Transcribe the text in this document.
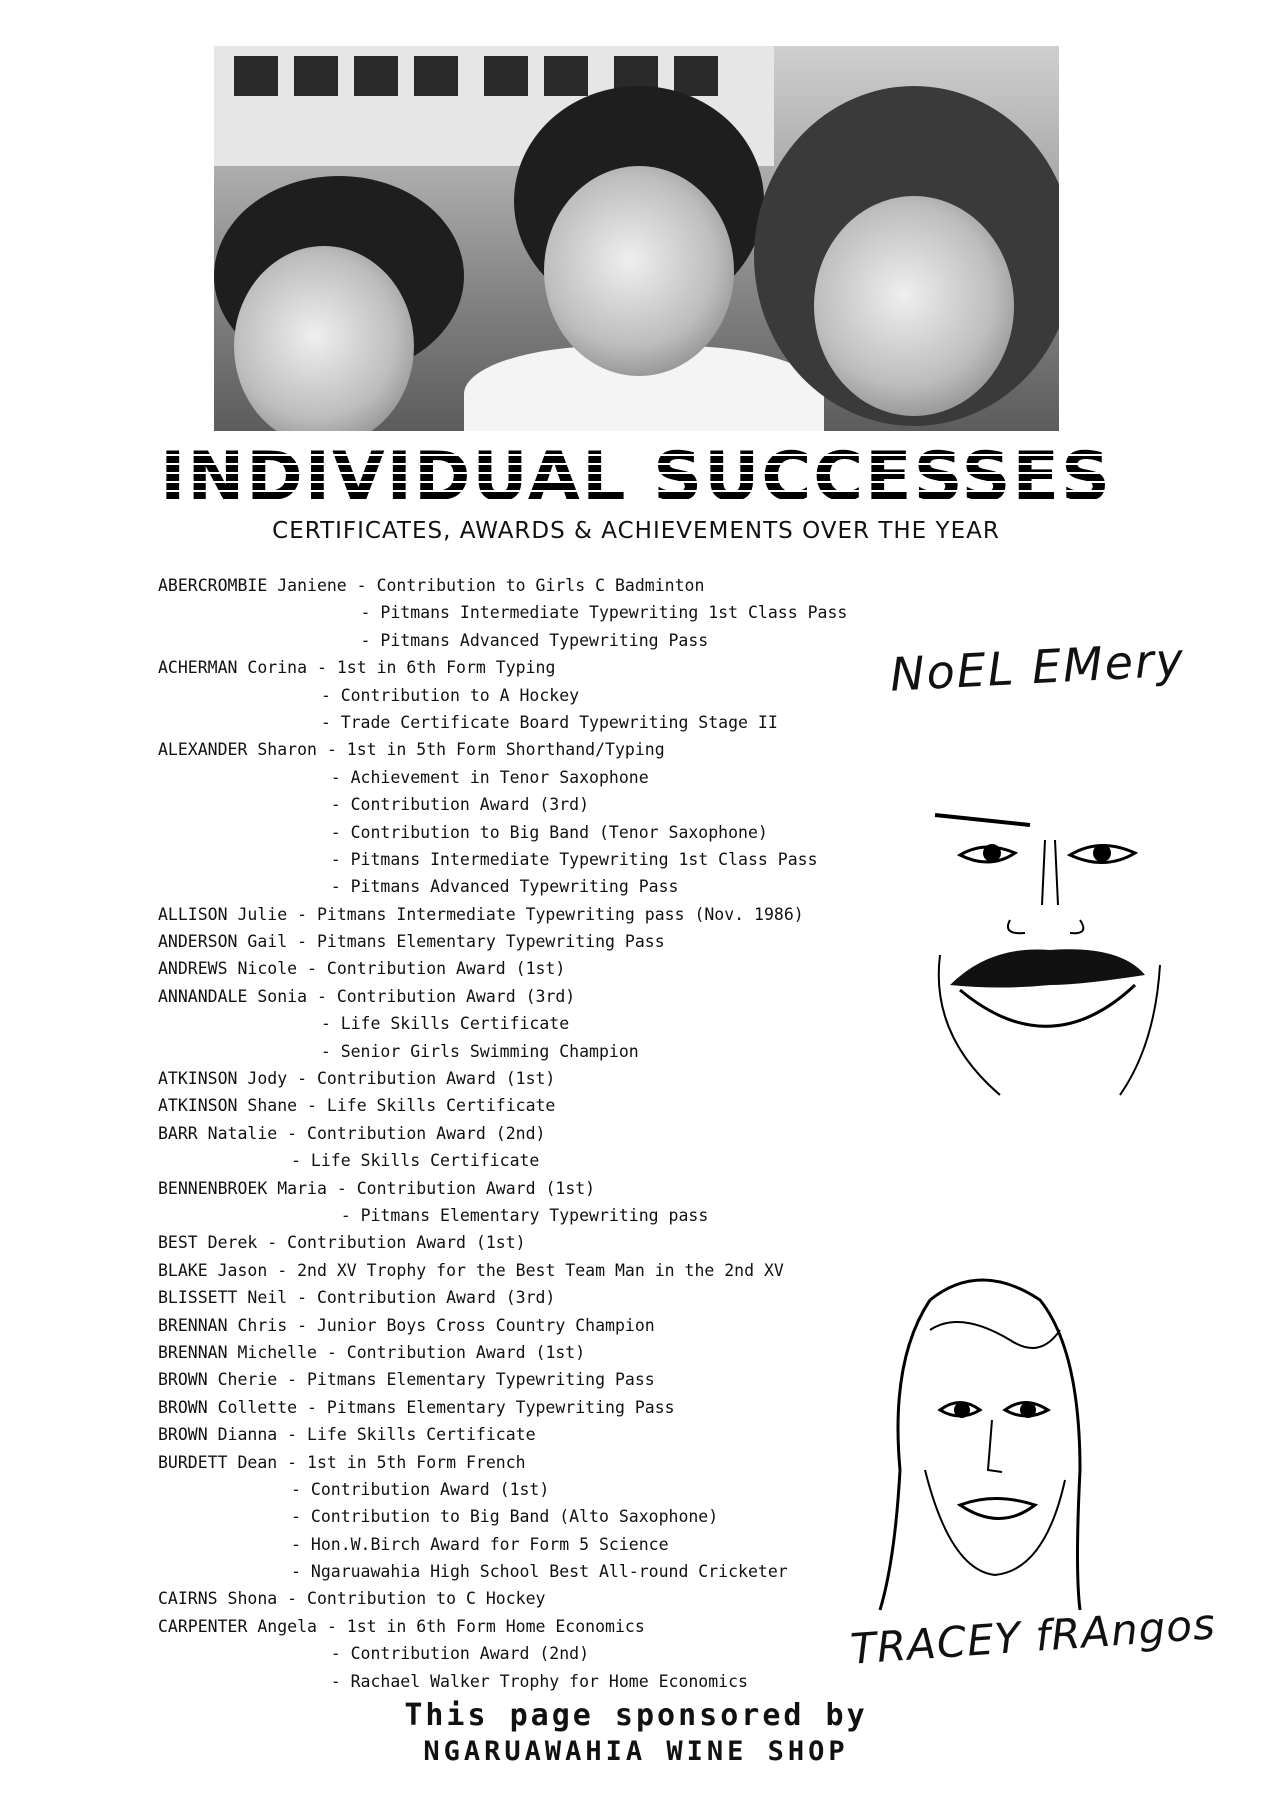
INDIVIDUAL SUCCESSES
CERTIFICATES, AWARDS & ACHIEVEMENTS OVER THE YEAR
ABERCROMBIE Janiene - Contribution to Girls C Badminton
- Pitmans Intermediate Typewriting 1st Class Pass
- Pitmans Advanced Typewriting Pass
ACHERMAN Corina - 1st in 6th Form Typing
- Contribution to A Hockey
- Trade Certificate Board Typewriting Stage II
ALEXANDER Sharon - 1st in 5th Form Shorthand/Typing
- Achievement in Tenor Saxophone
- Contribution Award (3rd)
- Contribution to Big Band (Tenor Saxophone)
- Pitmans Intermediate Typewriting 1st Class Pass
- Pitmans Advanced Typewriting Pass
ALLISON Julie - Pitmans Intermediate Typewriting pass (Nov. 1986)
ANDERSON Gail - Pitmans Elementary Typewriting Pass
ANDREWS Nicole - Contribution Award (1st)
ANNANDALE Sonia - Contribution Award (3rd)
- Life Skills Certificate
- Senior Girls Swimming Champion
ATKINSON Jody - Contribution Award (1st)
ATKINSON Shane - Life Skills Certificate
BARR Natalie - Contribution Award (2nd)
- Life Skills Certificate
BENNENBROEK Maria - Contribution Award (1st)
- Pitmans Elementary Typewriting pass
BEST Derek - Contribution Award (1st)
BLAKE Jason - 2nd XV Trophy for the Best Team Man in the 2nd XV
BLISSETT Neil - Contribution Award (3rd)
BRENNAN Chris - Junior Boys Cross Country Champion
BRENNAN Michelle - Contribution Award (1st)
BROWN Cherie - Pitmans Elementary Typewriting Pass
BROWN Collette - Pitmans Elementary Typewriting Pass
BROWN Dianna - Life Skills Certificate
BURDETT Dean - 1st in 5th Form French
- Contribution Award (1st)
- Contribution to Big Band (Alto Saxophone)
- Hon.W.Birch Award for Form 5 Science
- Ngaruawahia High School Best All-round Cricketer
CAIRNS Shona - Contribution to C Hockey
CARPENTER Angela - 1st in 6th Form Home Economics
- Contribution Award (2nd)
- Rachael Walker Trophy for Home Economics
NoEL EMery
TRACEY fRAngos
This page sponsored by
NGARUAWAHIA WINE SHOP
